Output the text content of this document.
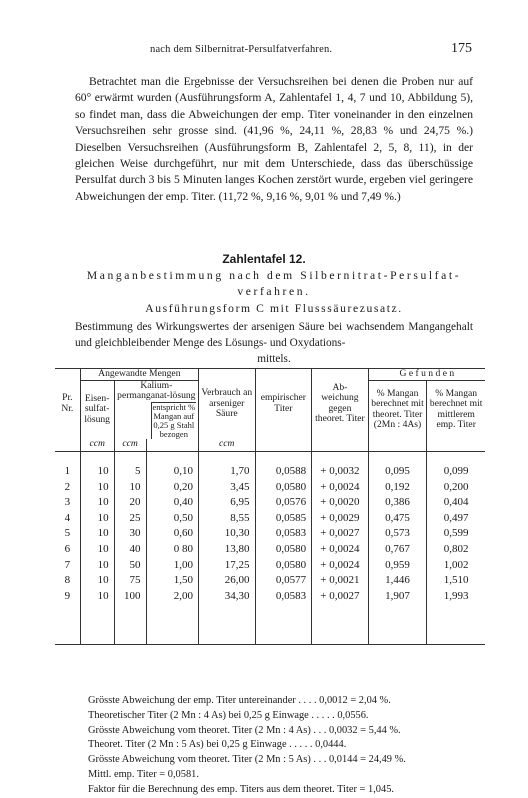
nach dem Silbernitrat-Persulfatverfahren.	175
Betrachtet man die Ergebnisse der Versuchsreihen bei denen die Proben nur auf 60° erwärmt wurden (Ausführungsform A, Zahlentafel 1, 4, 7 und 10, Abbildung 5), so findet man, dass die Abweichungen der emp. Titer voneinander in den einzelnen Versuchsreihen sehr grosse sind. (41,96 %, 24,11 %, 28,83 % und 24,75 %.) Dieselben Versuchsreihen (Ausführungsform B, Zahlentafel 2, 5, 8, 11), in der gleichen Weise durchgeführt, nur mit dem Unterschiede, dass das überschüssige Persulfat durch 3 bis 5 Minuten langes Kochen zerstört wurde, ergeben viel geringere Abweichungen der emp. Titer. (11,72 %, 9,16 %, 9,01 % und 7,49 %.)
Zahlentafel 12.
Manganbestimmung nach dem Silbernitrat-Persulfat-
verfahren.
Ausführungsform C mit Flusssäurezusatz.
Bestimmung des Wirkungswertes der arsenigen Säure bei wachsendem Mangangehalt und gleichbleibender Menge des Lösungs- und Oxydations-
mittels.
Pr. Nr.	Angewandte Mengen			Verbrauch an arseniger Säure	empirischer Titer	Ab-weichung gegen theoret. Titer	G e f u n d e n	
	Eisen-sulfat-lösung	Kalium-permanganat-lösung
entspricht % Mangan auf 0,25 g Stahl bezogen					% Mangan berechnet mit theoret. Titer (2Mn : 4As)	% Mangan berechnet mit mittlerem emp. Titer
	ccm	ccm		ccm				

1	10	5	0,10	1,70	0,0588	+ 0,0032	0,095	0,099
2	10	10	0,20	3,45	0,0580	+ 0,0024	0,192	0,200
3	10	20	0,40	6,95	0,0576	+ 0,0020	0,386	0,404
4	10	25	0,50	8,55	0,0585	+ 0,0029	0,475	0,497
5	10	30	0,60	10,30	0,0583	+ 0,0027	0,573	0,599
6	10	40	0 80	13,80	0,0580	+ 0,0024	0,767	0,802
7	10	50	1,00	17,25	0,0580	+ 0,0024	0,959	1,002
8	10	75	1,50	26,00	0,0577	+ 0,0021	1,446	1,510
9	10	100	2,00	34,30	0,0583	+ 0,0027	1,907	1,993

Grösste Abweichung der emp. Titer untereinander . . . . 0,0012 = 2,04 %.
Theoretischer Titer (2 Mn : 4 As) bei 0,25 g Einwage . . . . . 0,0556.
Grösste Abweichung vom theoret. Titer (2 Mn : 4 As) . . . 0,0032 = 5,44 %.
Theoret. Titer (2 Mn : 5 As) bei 0,25 g Einwage . . . . . 0,0444.
Grösste Abweichung vom theoret. Titer (2 Mn : 5 As) . . . 0,0144 = 24,49 %.
Mittl. emp. Titer = 0,0581.
Faktor für die Berechnung des emp. Titers aus dem theoret. Titer = 1,045.
